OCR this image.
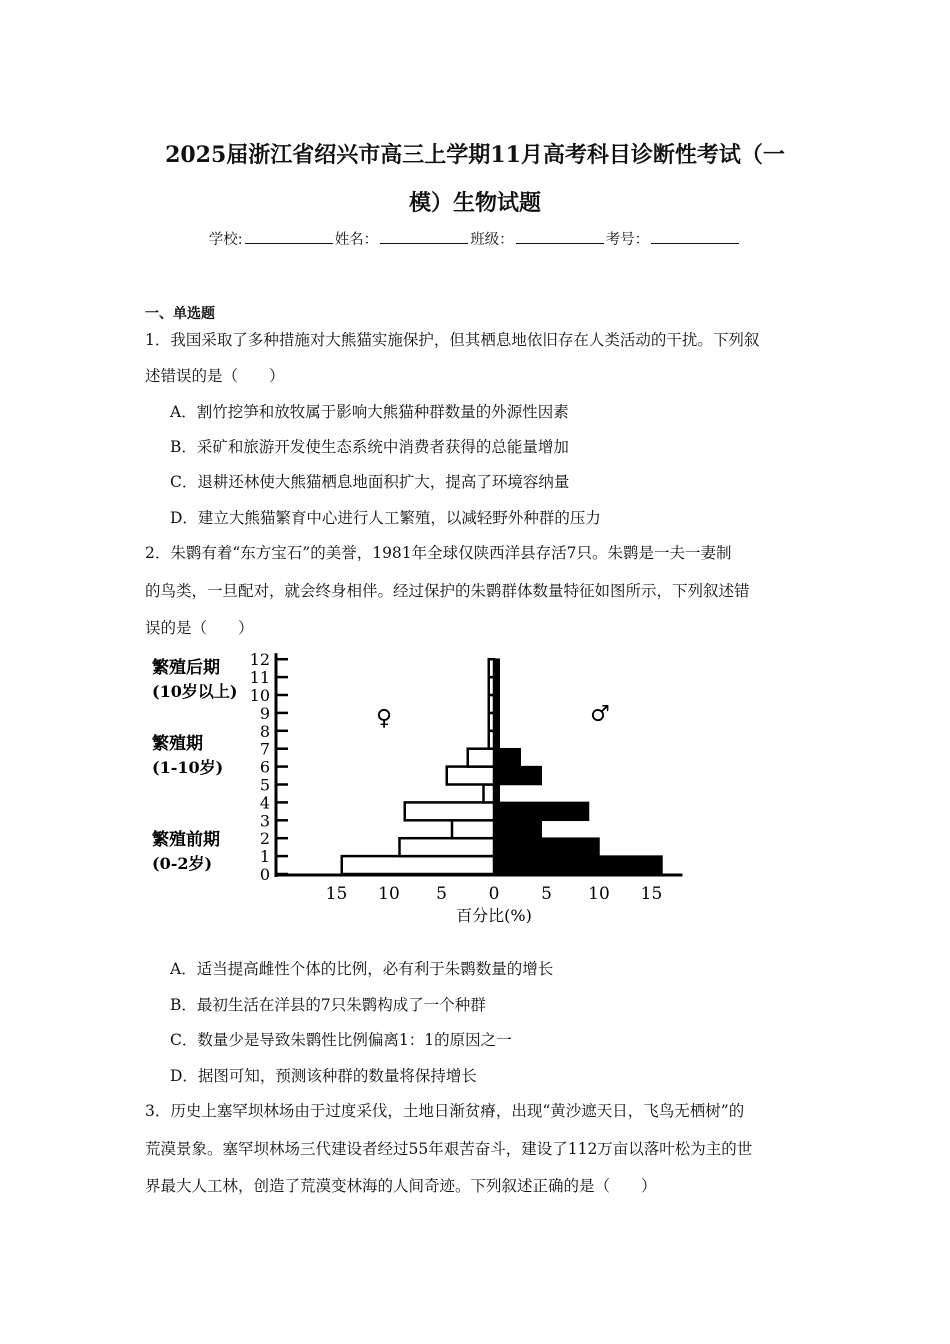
2025届浙江省绍兴市高三上学期11月高考科目诊断性考试（一
模）生物试题
学校:	姓名：	班级：	考号：
一、单选题
1．我国采取了多种措施对大熊猫实施保护，但其栖息地依旧存在人类活动的干扰。下列叙
述错误的是（　　）
A．割竹挖笋和放牧属于影响大熊猫种群数量的外源性因素
B．采矿和旅游开发使生态系统中消费者获得的总能量增加
C．退耕还林使大熊猫栖息地面积扩大，提高了环境容纳量
D．建立大熊猫繁育中心进行人工繁殖，以减轻野外种群的压力
2．朱鹮有着“东方宝石”的美誉，1981年全球仅陕西洋县存活7只。朱鹮是一夫一妻制
的鸟类，一旦配对，就会终身相伴。经过保护的朱鹮群体数量特征如图所示，下列叙述错
误的是（　　）
繁殖后期
(10岁以上)
繁殖期
(1-10岁)
繁殖前期
(0-2岁)
♀	♂
百分比(%)
0
1
2
3
4
5
6
7
8
9
10
11
12
15 10 5 0 5 10 15
A．适当提高雌性个体的比例，必有利于朱鹮数量的增长
B．最初生活在洋县的7只朱鹮构成了一个种群
C．数量少是导致朱鹮性比例偏离1：1的原因之一
D．据图可知，预测该种群的数量将保持增长
3．历史上塞罕坝林场由于过度采伐，土地日渐贫瘠，出现“黄沙遮天日，飞鸟无栖树”的
荒漠景象。塞罕坝林场三代建设者经过55年艰苦奋斗，建设了112万亩以落叶松为主的世
界最大人工林，创造了荒漠变林海的人间奇迹。下列叙述正确的是（　　）
